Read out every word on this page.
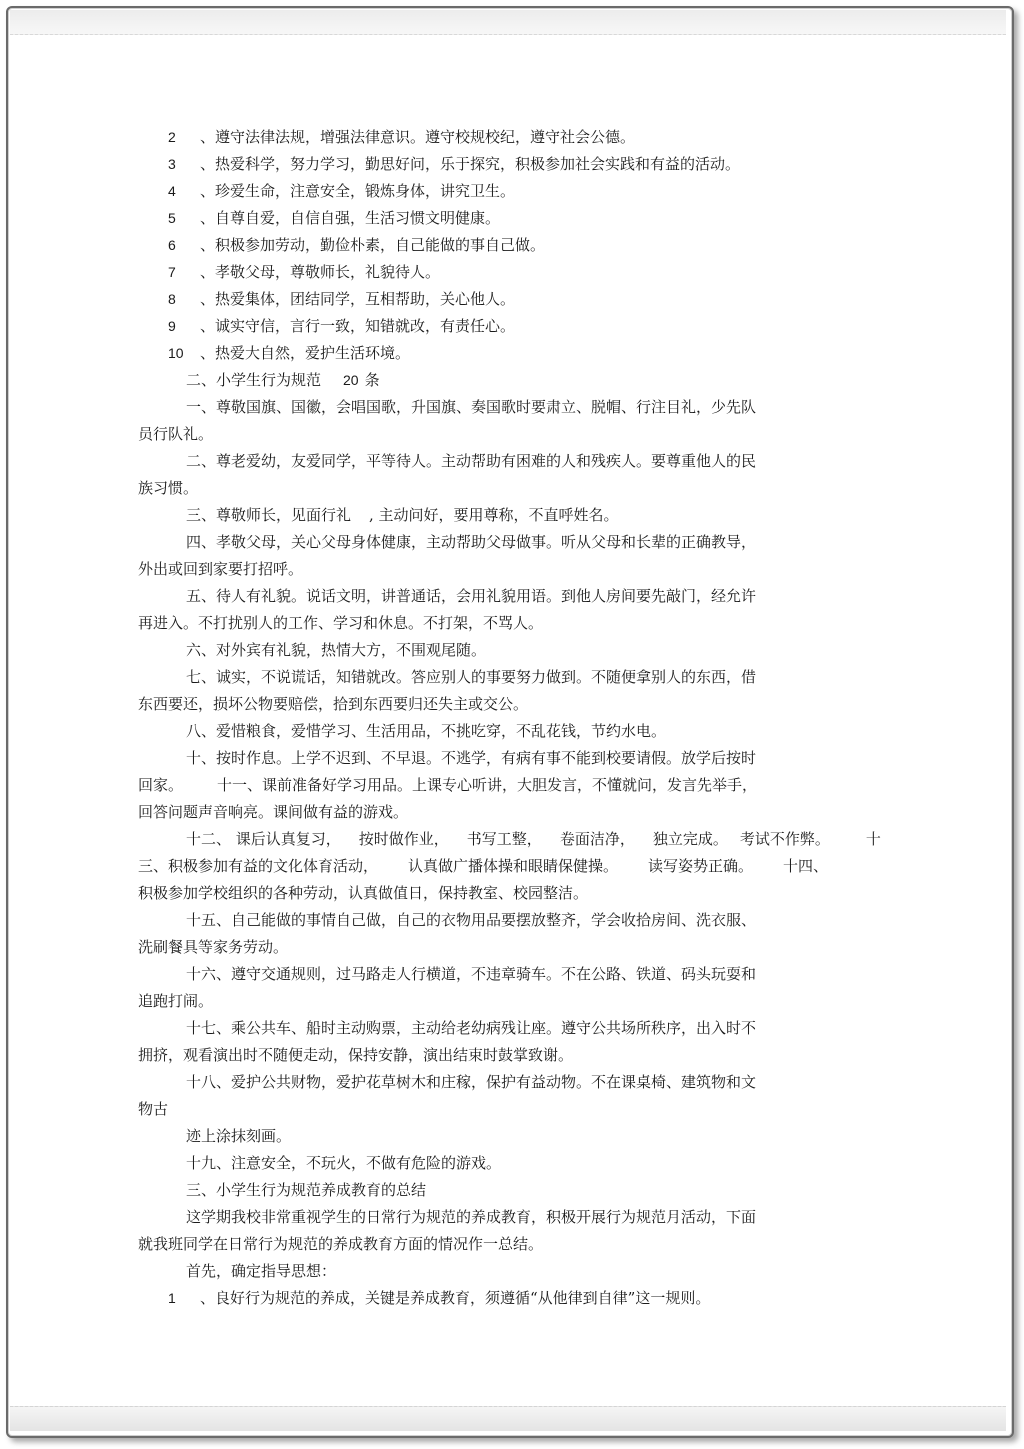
2 、遵守法律法规，增强法律意识。遵守校规校纪，遵守社会公德。
3 、热爱科学，努力学习，勤思好问，乐于探究，积极参加社会实践和有益的活动。
4 、珍爱生命，注意安全，锻炼身体，讲究卫生。
5 、自尊自爱，自信自强，生活习惯文明健康。
6 、积极参加劳动，勤俭朴素，自己能做的事自己做。
7 、孝敬父母，尊敬师长，礼貌待人。
8 、热爱集体，团结同学，互相帮助，关心他人。
9 、诚实守信，言行一致，知错就改，有责任心。
10 、热爱大自然，爱护生活环境。
二、小学生行为规范 20 条
一、尊敬国旗、国徽，会唱国歌，升国旗、奏国歌时要肃立、脱帽、行注目礼，少先队
员行队礼。
二、尊老爱幼，友爱同学，平等待人。主动帮助有困难的人和残疾人。要尊重他人的民
族习惯。
三、尊敬师长，见面行礼 , 主动问好，要用尊称，不直呼姓名。
四、孝敬父母，关心父母身体健康，主动帮助父母做事。听从父母和长辈的正确教导，
外出或回到家要打招呼。
五、待人有礼貌。说话文明，讲普通话，会用礼貌用语。到他人房间要先敲门，经允许
再进入。不打扰别人的工作、学习和休息。不打架，不骂人。
六、对外宾有礼貌，热情大方，不围观尾随。
七、诚实，不说谎话，知错就改。答应别人的事要努力做到。不随便拿别人的东西，借
东西要还，损坏公物要赔偿，拾到东西要归还失主或交公。
八、爱惜粮食，爱惜学习、生活用品，不挑吃穿，不乱花钱，节约水电。
十、按时作息。上学不迟到、不早退。不逃学，有病有事不能到校要请假。放学后按时
回家。 十一、课前准备好学习用品。上课专心听讲，大胆发言，不懂就问，发言先举手，
回答问题声音响亮。课间做有益的游戏。
十二、 课后认真复习， 按时做作业， 书写工整， 卷面洁净， 独立完成。 考试不作弊。 十
三、积极参加有益的文化体育活动， 认真做广播体操和眼睛保健操。 读写姿势正确。 十四、
积极参加学校组织的各种劳动，认真做值日，保持教室、校园整洁。
十五、自己能做的事情自己做，自己的衣物用品要摆放整齐，学会收拾房间、洗衣服、
洗刷餐具等家务劳动。
十六、遵守交通规则，过马路走人行横道，不违章骑车。不在公路、铁道、码头玩耍和
追跑打闹。
十七、乘公共车、船时主动购票，主动给老幼病残让座。遵守公共场所秩序，出入时不
拥挤，观看演出时不随便走动，保持安静，演出结束时鼓掌致谢。
十八、爱护公共财物，爱护花草树木和庄稼，保护有益动物。不在课桌椅、建筑物和文
物古
迹上涂抹刻画。
十九、注意安全，不玩火，不做有危险的游戏。
三、小学生行为规范养成教育的总结
这学期我校非常重视学生的日常行为规范的养成教育，积极开展行为规范月活动，下面
就我班同学在日常行为规范的养成教育方面的情况作一总结。
首先，确定指导思想：
1 、良好行为规范的养成，关键是养成教育，须遵循“从他律到自律”这一规则。
